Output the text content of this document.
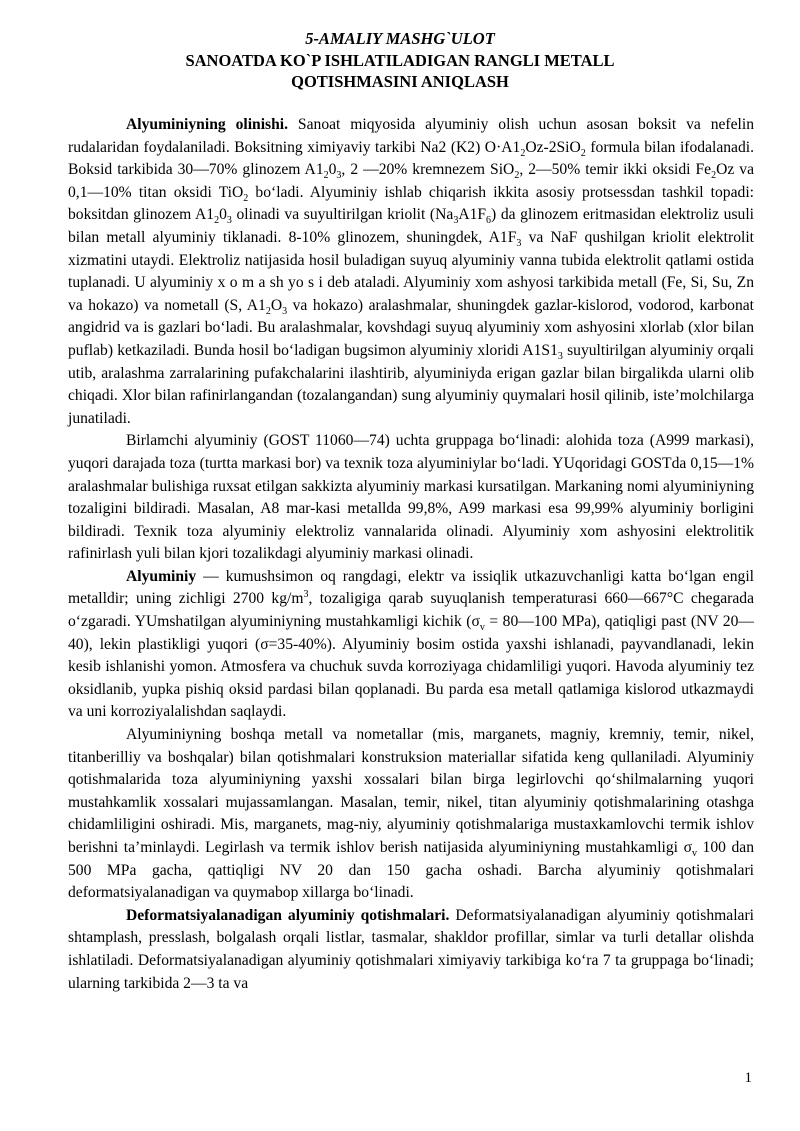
5-AMALIY MASHG`ULOT
SANOATDA KO`P ISHLATILADIGAN RANGLI METALL
QOTISHMASINI ANIQLASH

Alyuminiyning olinishi. Sanoat miqyosida alyuminiy olish uchun asosan boksit va nefelin rudalaridan foydalaniladi. Boksitning ximiyaviy tarkibi Na2 (K2) $O\cdot A1_2Oz-2SiO_2$ formula bilan ifodalanadi. Boksid tarkibida 30—70% glinozem $A1_20_3$, 2 —20% kremnezem SiO$_2$, 2—50% temir ikki oksidi $Fe_2Oz$ va 0,1—10% titan oksidi TiO$_2$ bo‘ladi. Alyuminiy ishlab chiqarish ikkita asosiy protsessdan tashkil topadi: boksitdan glinozem $A1_20_3$ olinadi va suyultirilgan kriolit $(Na_3A1F_6)$ da glinozem eritmasidan elektroliz usuli bilan metall alyuminiy tiklanadi. 8-10% glinozem, shuningdek, $A1F_3$ va NaF qushilgan kriolit elektrolit xizmatini utaydi. Elektroliz natijasida hosil buladigan suyuq alyuminiy vanna tubida elektrolit qatlami ostida tuplanadi. U alyuminiy x o m a sh yo s i deb ataladi. Alyuminiy xom ashyosi tarkibida metall (Fe, Si, Su, Zn va hokazo) va nometall (S, $A1_2O_3$ va hokazo) aralashmalar, shuningdek gazlar-kislorod, vodorod, karbonat angidrid va is gazlari bo‘ladi. Bu aralashmalar, kovshdagi suyuq alyuminiy xom ashyosini xlorlab (xlor bilan puflab) ketkaziladi. Bunda hosil bo‘ladigan bugsimon alyuminiy xloridi $A1S1_3$ suyultirilgan alyuminiy orqali utib, aralashma zarralarining pufakchalarini ilashtirib, alyuminiyda erigan gazlar bilan birgalikda ularni olib chiqadi. Xlor bilan rafinirlangandan (tozalangandan) sung alyuminiy quymalari hosil qilinib, iste’molchilarga junatiladi.

Birlamchi alyuminiy (GOST 11060—74) uchta gruppaga bo‘linadi: alohida toza (A999 markasi), yuqori darajada toza (turtta markasi bor) va texnik toza alyuminiylar bo‘ladi. YUqoridagi GOSTda 0,15—1% aralashmalar bulishiga ruxsat etilgan sakkizta alyuminiy markasi kursatilgan. Markaning nomi alyuminiyning tozaligini bildiradi. Masalan, A8 mar-kasi metallda 99,8%, A99 markasi esa 99,99% alyuminiy borligini bildiradi. Texnik toza alyuminiy elektroliz vannalarida olinadi. Alyuminiy xom ashyosini elektrolitik rafinirlash yuli bilan kjori tozalikdagi alyuminiy markasi olinadi.

Alyuminiy — kumushsimon oq rangdagi, elektr va issiqlik utkazuvchanligi katta bo‘lgan engil metalldir; uning zichligi 2700 $kg/m^3$, tozaligiga qarab suyuqlanish temperaturasi 660—667°C chegarada o‘zgaradi. YUmshatilgan alyuminiyning mustahkamligi kichik ($\sigma_v$ = 80—100 MPa), qatiqligi past (NV 20—40), lekin plastikligi yuqori (σ=35-40%). Alyuminiy bosim ostida yaxshi ishlanadi, payvandlanadi, lekin kesib ishlanishi yomon. Atmosfera va chuchuk suvda korroziyaga chidamliligi yuqori. Havoda alyuminiy tez oksidlanib, yupka pishiq oksid pardasi bilan qoplanadi. Bu parda esa metall qatlamiga kislorod utkazmaydi va uni korroziyalalishdan saqlaydi.

Alyuminiyning boshqa metall va nometallar (mis, marganets, magniy, kremniy, temir, nikel, titanberilliy va boshqalar) bilan qotishmalari konstruksion materiallar sifatida keng qullaniladi. Alyuminiy qotishmalarida toza alyuminiyning yaxshi xossalari bilan birga legirlovchi qo‘shilmalarning yuqori mustahkamlik xossalari mujassamlangan. Masalan, temir, nikel, titan alyuminiy qotishmalarining otashga chidamliligini oshiradi. Mis, marganets, mag-niy, alyuminiy qotishmalariga mustaxkamlovchi termik ishlov berishni ta’minlaydi. Legirlash va termik ishlov berish natijasida alyuminiyning mustahkamligi $\sigma_v$ 100 dan 500 MPa gacha, qattiqligi NV 20 dan 150 gacha oshadi. Barcha alyuminiy qotishmalari deformatsiyalanadigan va quymabop xillarga bo‘linadi.

Deformatsiyalanadigan alyuminiy qotishmalari. Deformatsiyalanadigan alyuminiy qotishmalari shtamplash, presslash, bolgalash orqali listlar, tasmalar, shakldor profillar, simlar va turli detallar olishda ishlatiladi. Deformatsiyalanadigan alyuminiy qotishmalari ximiyaviy tarkibiga ko‘ra 7 ta gruppaga bo‘linadi; ularning tarkibida 2—3 ta va

1
